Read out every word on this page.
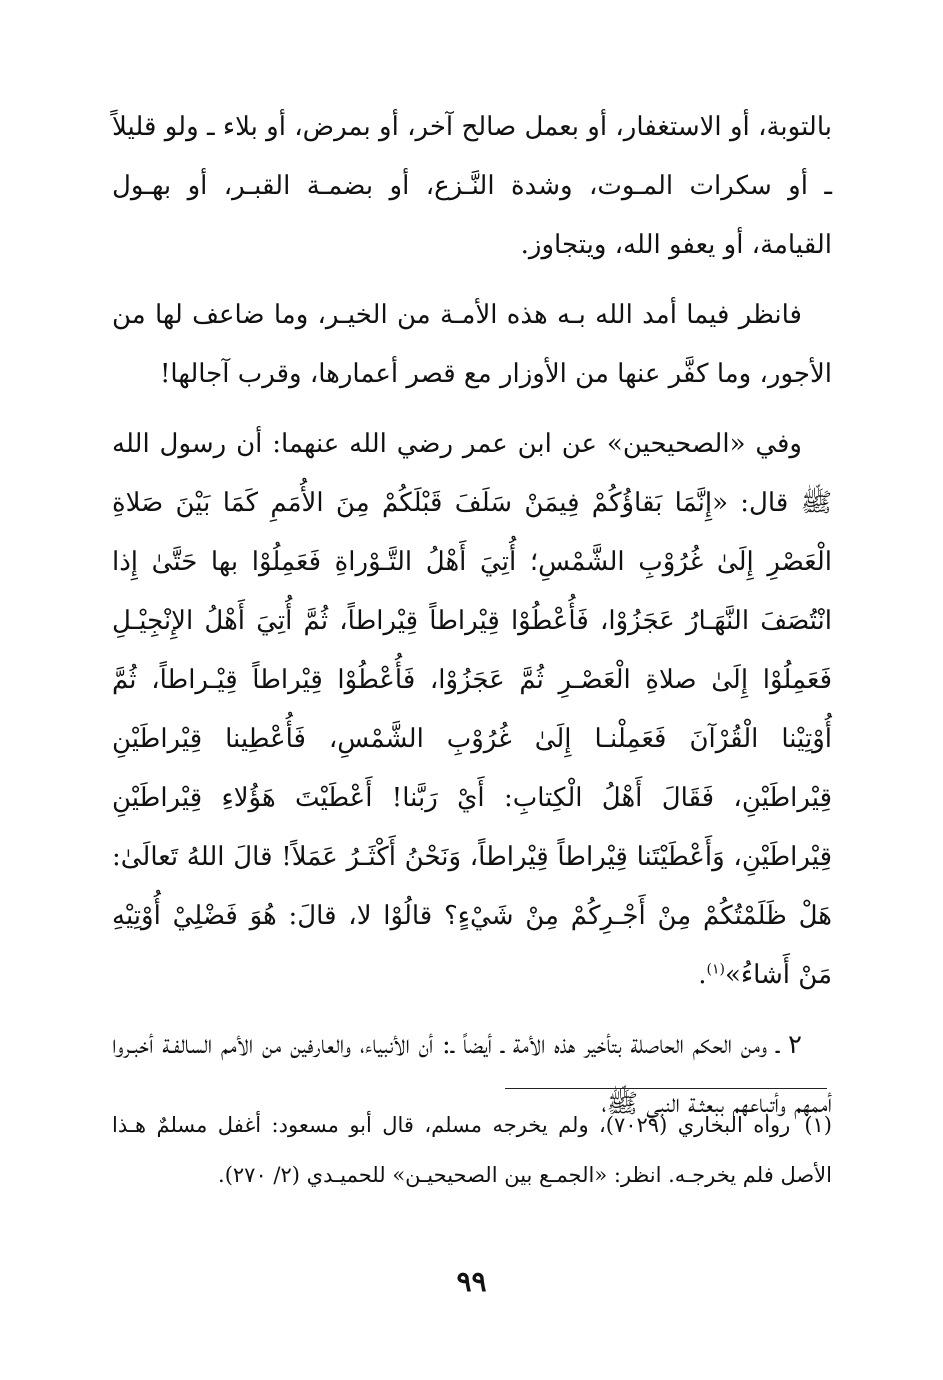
بالتوبة، أو الاستغفار، أو بعمل صالح آخر، أو بمرض، أو بلاء ـ ولو قليلاً ـ أو سكرات المـوت، وشدة النَّـزع، أو بضمـة القبـر، أو بهـول القيامة، أو يعفو الله، ويتجاوز.

فانظر فيما أمد الله بـه هذه الأمـة من الخيـر، وما ضاعف لها من الأجور، وما كفَّر عنها من الأوزار مع قصر أعمارها، وقرب آجالها!

وفي «الصحيحين» عن ابن عمر رضي الله عنهما: أن رسول الله ﷺ قال: «إِنَّمَا بَقاؤُكُمْ فِيمَنْ سَلَفَ قَبْلَكُمْ مِنَ الأُمَمِ كَمَا بَيْنَ صَلاةِ الْعَصْرِ إِلَىٰ غُرُوْبِ الشَّمْسِ؛ أُتِيَ أَهْلُ التَّـوْراةِ فَعَمِلُوْا بها حَتَّىٰ إِذا انْتُصَفَ النَّهَـارُ عَجَزُوْا، فَأُعْطُوْا قِيْراطاً قِيْراطاً، ثُمَّ أُتِيَ أَهْلُ الإِنْجِيْـلِ فَعَمِلُوْا إِلَىٰ صلاةِ الْعَصْـرِ ثُمَّ عَجَزُوْا، فَأُعْطُوْا قِيْراطاً قِيْـراطاً، ثُمَّ أُوْتِيْنا الْقُرْآنَ فَعَمِلْنـا إِلَىٰ غُرُوْبِ الشَّمْسِ، فَأُعْطِينا قِيْراطَيْنِ قِيْراطَيْنِ، فَقَالَ أَهْلُ الْكِتابِ: أَيْ رَبَّنا! أَعْطَيْتَ هَؤُلاءِ قِيْراطَيْنِ قِيْراطَيْنِ، وَأَعْطَيْتَنا قِيْراطاً قِيْراطاً، وَنَحْنُ أَكْثَـرُ عَمَلاً! قالَ اللهُ تَعالَىٰ: هَلْ ظَلَمْتُكُمْ مِنْ أَجْـرِكُمْ مِنْ شَيْءٍ؟ قالُوْا لا، قالَ: هُوَ فَضْلِيْ أُوْتِيْهِ مَنْ أَشاءُ»$^{(١)}$.

٢ ـ ومن الحكم الحاصلة بتأخير هذه الأمة ـ أيضاً ـ: أن الأنبياء، والعارفين من الأمم السالفـة أخبـروا أممهم وأتباعهم ببعثـة النبي ﷺ،

(١)رواه البخاري (٧٠٢٩)، ولم يخرجه مسلم، قال أبو مسعود: أغفل مسلمٌ هـذا الأصل فلم يخرجـه. انظر: «الجمـع بين الصحيحيـن» للحميـدي (٢/ ٢٧٠).

٩٩
